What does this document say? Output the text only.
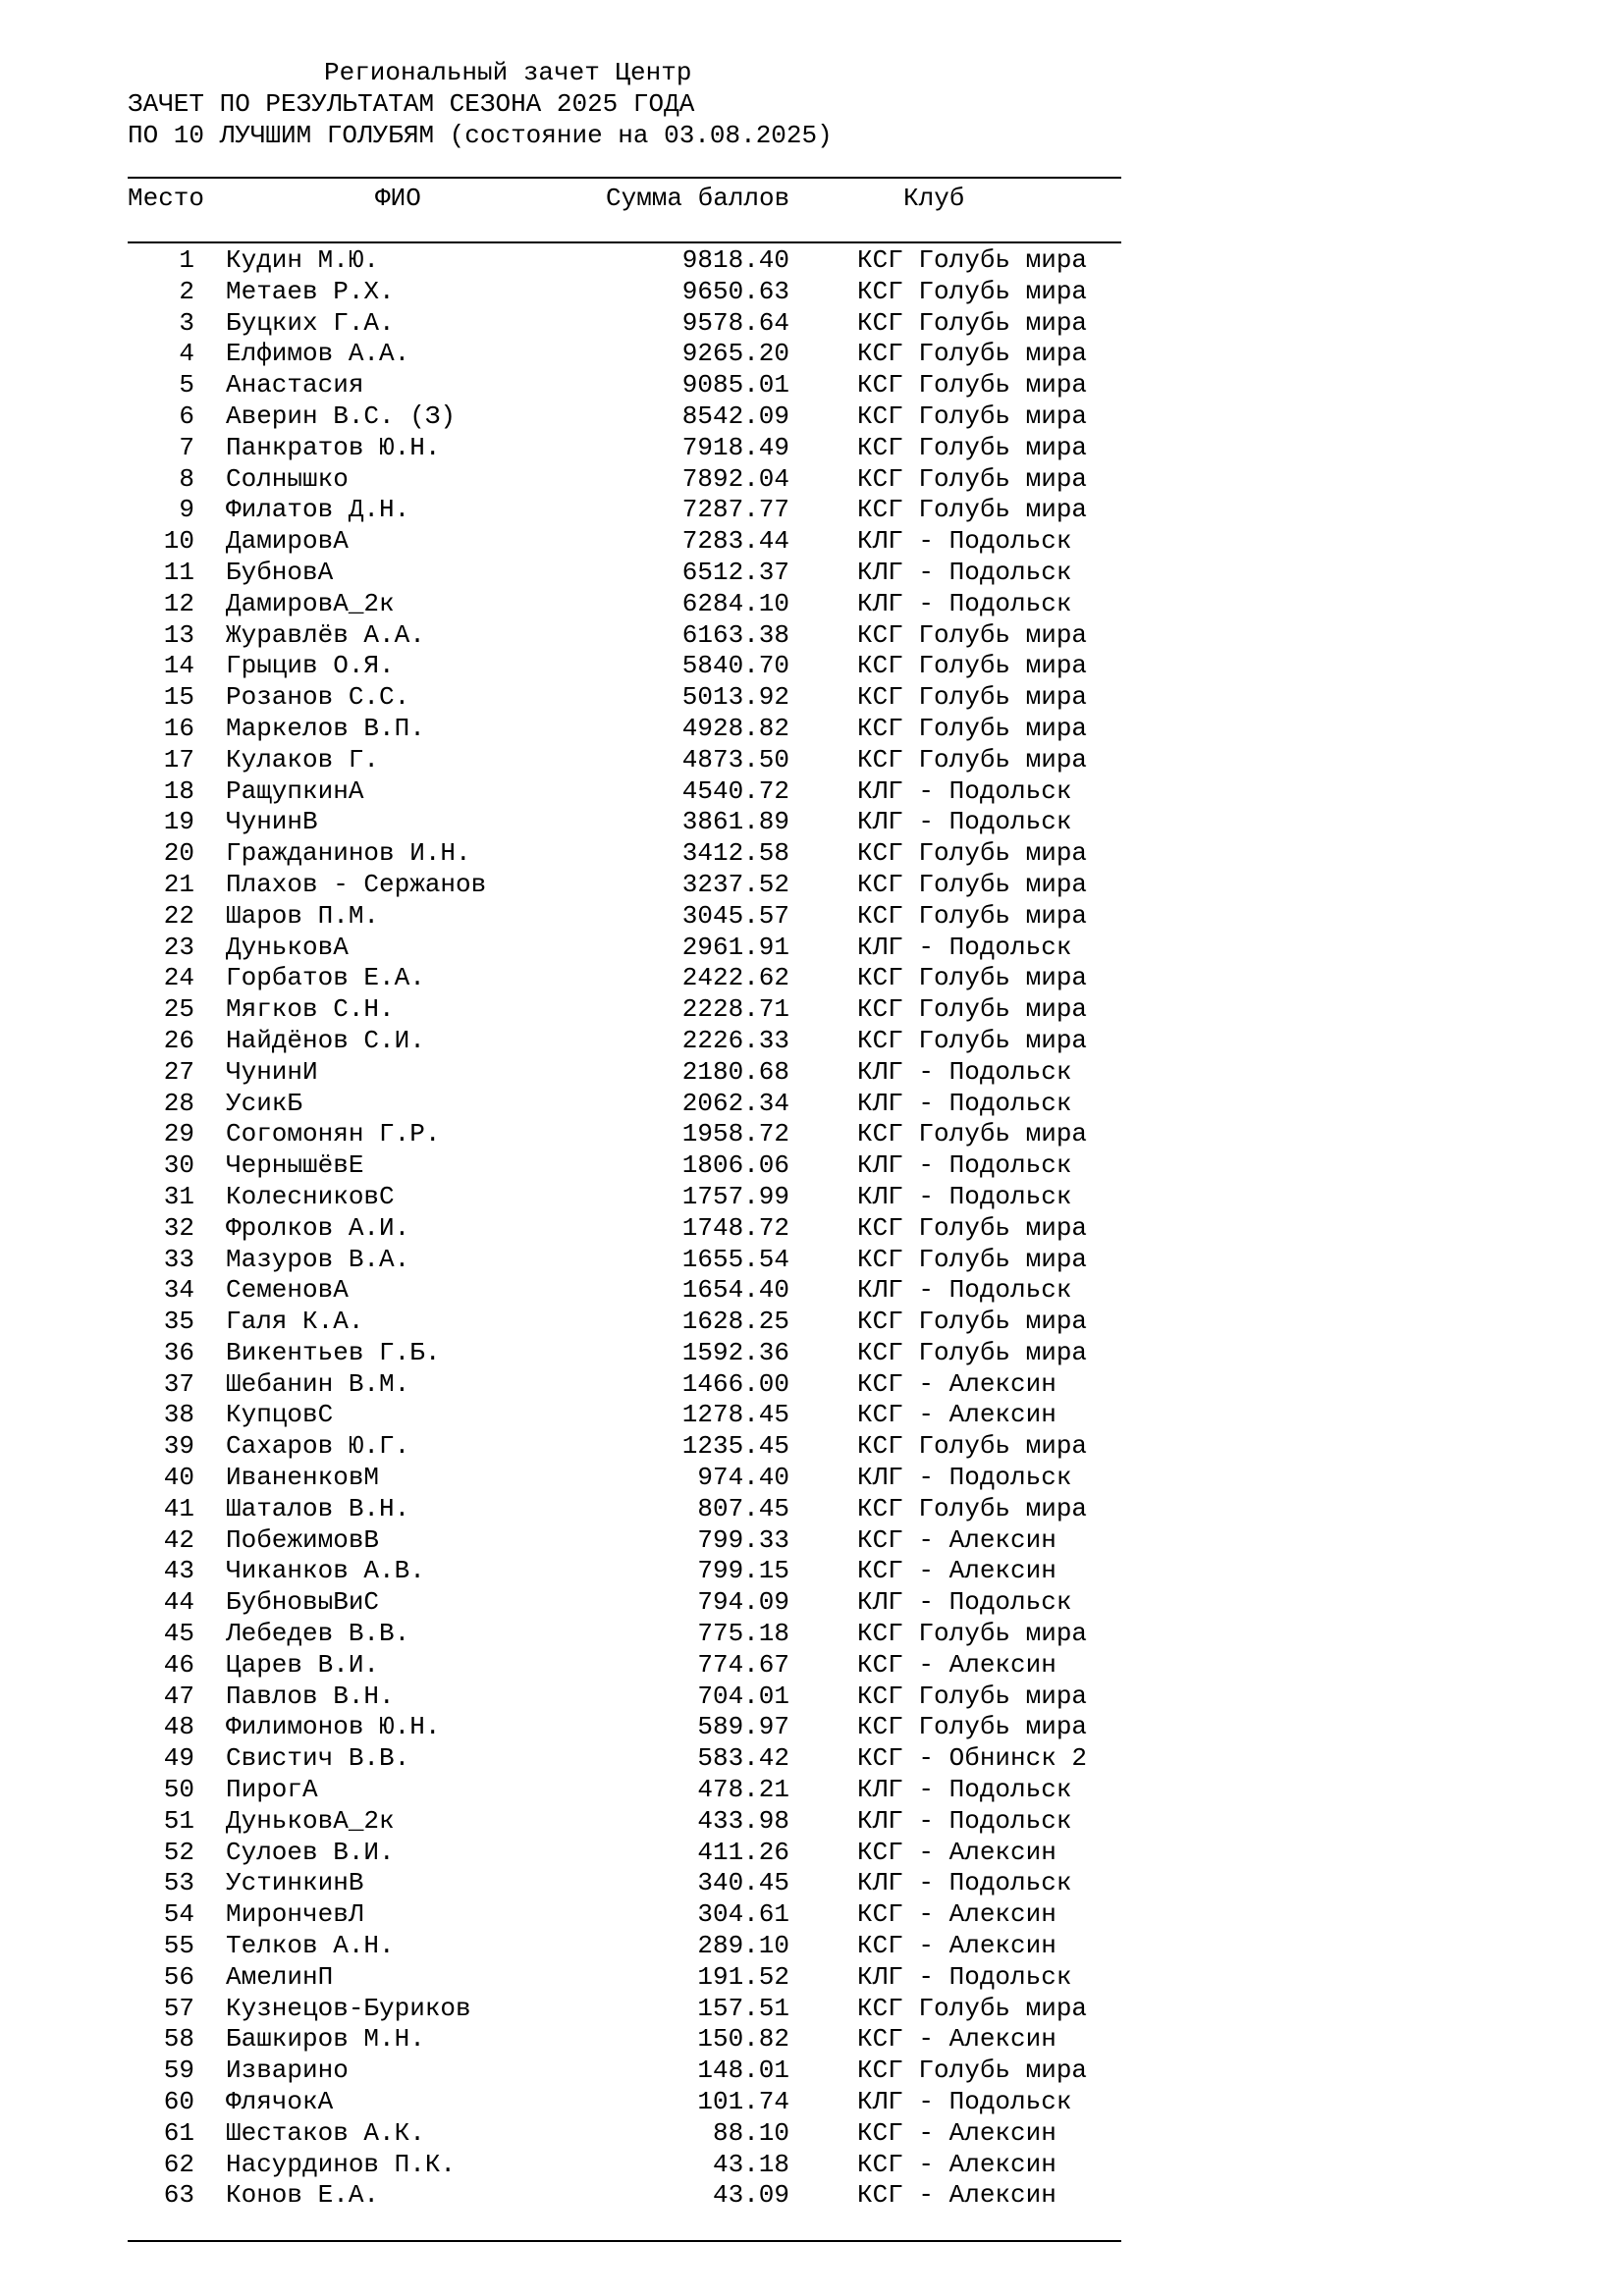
Региональный зачет Центр
ЗАЧЕТ ПО РЕЗУЛЬТАТАМ СЕЗОНА 2025 ГОДА
ПО 10 ЛУЧШИМ ГОЛУБЯМ (состояние на 03.08.2025)
Место	ФИО	Сумма баллов	Клуб
1 Кудин М.Ю.	9818.40	КСГ Голубь мира
2 Метаев Р.Х.	9650.63	КСГ Голубь мира
3 Буцких Г.А.	9578.64	КСГ Голубь мира
4 Елфимов А.А.	9265.20	КСГ Голубь мира
5 Анастасия	9085.01	КСГ Голубь мира
6 Аверин В.С. (З)	8542.09	КСГ Голубь мира
7 Панкратов Ю.Н.	7918.49	КСГ Голубь мира
8 Солнышко	7892.04	КСГ Голубь мира
9 Филатов Д.Н.	7287.77	КСГ Голубь мира
10 ДамировА	7283.44	КЛГ - Подольск
11 БубновА	6512.37	КЛГ - Подольск
12 ДамировА_2к	6284.10	КЛГ - Подольск
13 Журавлёв А.А.	6163.38	КСГ Голубь мира
14 Грыцив О.Я.	5840.70	КСГ Голубь мира
15 Розанов С.С.	5013.92	КСГ Голубь мира
16 Маркелов В.П.	4928.82	КСГ Голубь мира
17 Кулаков Г.	4873.50	КСГ Голубь мира
18 РащупкинА	4540.72	КЛГ - Подольск
19 ЧунинВ	3861.89	КЛГ - Подольск
20 Гражданинов И.Н.	3412.58	КСГ Голубь мира
21 Плахов - Сержанов	3237.52	КСГ Голубь мира
22 Шаров П.М.	3045.57	КСГ Голубь мира
23 ДуньковА	2961.91	КЛГ - Подольск
24 Горбатов Е.А.	2422.62	КСГ Голубь мира
25 Мягков С.Н.	2228.71	КСГ Голубь мира
26 Найдёнов С.И.	2226.33	КСГ Голубь мира
27 ЧунинИ	2180.68	КЛГ - Подольск
28 УсикБ	2062.34	КЛГ - Подольск
29 Согомонян Г.Р.	1958.72	КСГ Голубь мира
30 ЧернышёвЕ	1806.06	КЛГ - Подольск
31 КолесниковС	1757.99	КЛГ - Подольск
32 Фролков А.И.	1748.72	КСГ Голубь мира
33 Мазуров В.А.	1655.54	КСГ Голубь мира
34 СеменовА	1654.40	КЛГ - Подольск
35 Галя К.А.	1628.25	КСГ Голубь мира
36 Викентьев Г.Б.	1592.36	КСГ Голубь мира
37 Шебанин В.М.	1466.00	КСГ - Алексин
38 КупцовС	1278.45	КСГ - Алексин
39 Сахаров Ю.Г.	1235.45	КСГ Голубь мира
40 ИваненковМ	974.40	КЛГ - Подольск
41 Шаталов В.Н.	807.45	КСГ Голубь мира
42 ПобежимовВ	799.33	КСГ - Алексин
43 Чиканков А.В.	799.15	КСГ - Алексин
44 БубновыВиС	794.09	КЛГ - Подольск
45 Лебедев В.В.	775.18	КСГ Голубь мира
46 Царев В.И.	774.67	КСГ - Алексин
47 Павлов В.Н.	704.01	КСГ Голубь мира
48 Филимонов Ю.Н.	589.97	КСГ Голубь мира
49 Свистич В.В.	583.42	КСГ - Обнинск 2
50 ПирогА	478.21	КЛГ - Подольск
51 ДуньковА_2к	433.98	КЛГ - Подольск
52 Сулоев В.И.	411.26	КСГ - Алексин
53 УстинкинВ	340.45	КЛГ - Подольск
54 МирончевЛ	304.61	КСГ - Алексин
55 Телков А.Н.	289.10	КСГ - Алексин
56 АмелинП	191.52	КЛГ - Подольск
57 Кузнецов-Буриков	157.51	КСГ Голубь мира
58 Башкиров М.Н.	150.82	КСГ - Алексин
59 Изварино	148.01	КСГ Голубь мира
60 ФлячокА	101.74	КЛГ - Подольск
61 Шестаков А.К.	88.10	КСГ - Алексин
62 Насурдинов П.К.	43.18	КСГ - Алексин
63 Конов Е.А.	43.09	КСГ - Алексин
